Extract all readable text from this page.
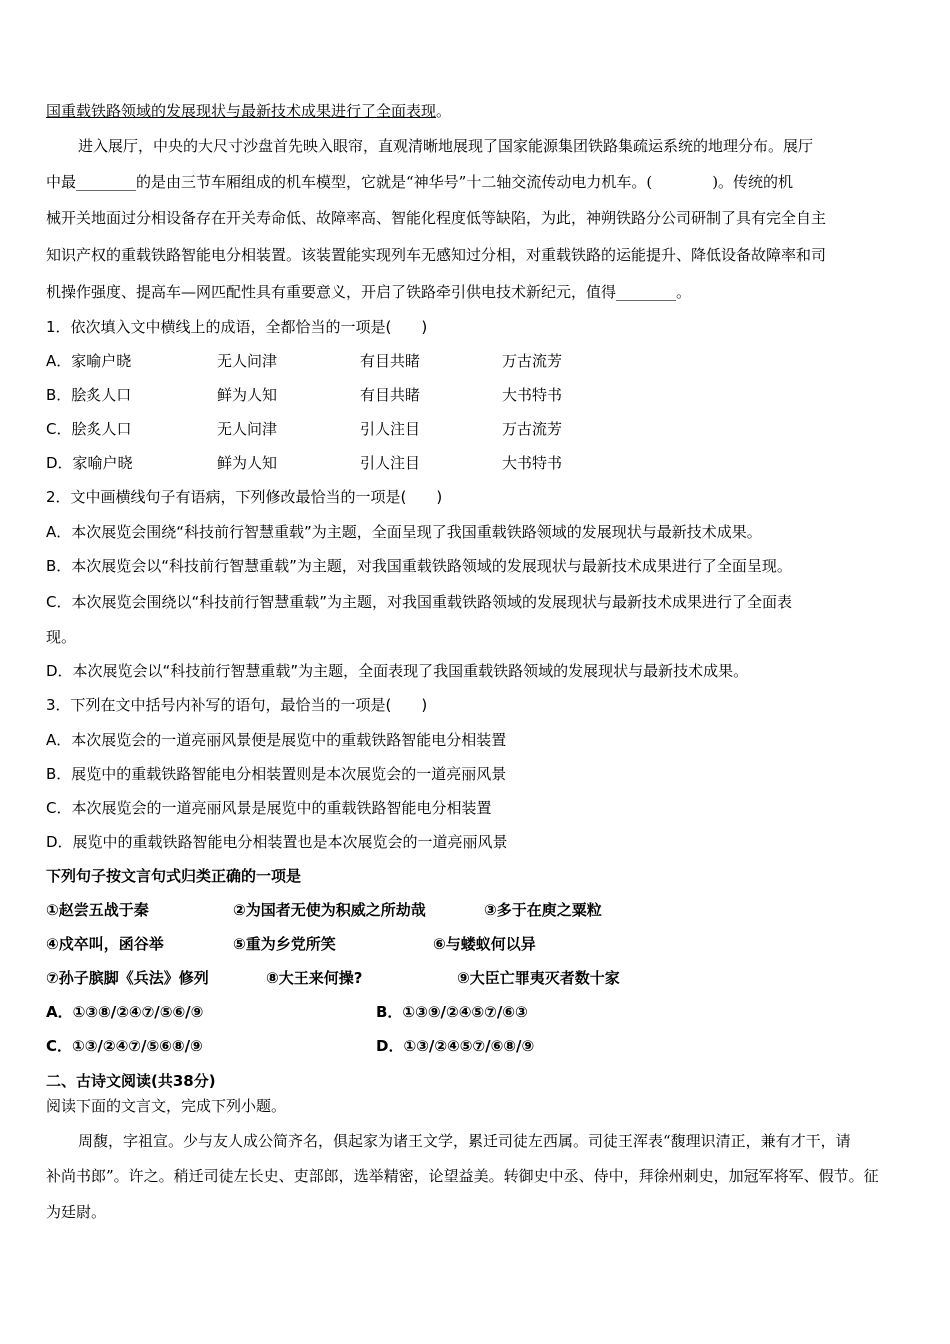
国重载铁路领域的发展现状与最新技术成果进行了全面表现。
进入展厅，中央的大尺寸沙盘首先映入眼帘，直观清晰地展现了国家能源集团铁路集疏运系统的地理分布。展厅
中最________的是由三节车厢组成的机车模型，它就是“神华号”十二轴交流传动电力机车。(　　　　)。传统的机
械开关地面过分相设备存在开关寿命低、故障率高、智能化程度低等缺陷，为此，神朔铁路分公司研制了具有完全自主
知识产权的重载铁路智能电分相装置。该装置能实现列车无感知过分相，对重载铁路的运能提升、降低设备故障率和司
机操作强度、提高车—网匹配性具有重要意义，开启了铁路牵引供电技术新纪元，值得________。
1．依次填入文中横线上的成语，全都恰当的一项是(　　)
A．家喻户晓	无人问津	有目共睹	万古流芳
B．脍炙人口	鲜为人知	有目共睹	大书特书
C．脍炙人口	无人问津	引人注目	万古流芳
D．家喻户晓	鲜为人知	引人注目	大书特书
2．文中画横线句子有语病，下列修改最恰当的一项是(　　)
A．本次展览会围绕“科技前行智慧重载”为主题，全面呈现了我国重载铁路领域的发展现状与最新技术成果。
B．本次展览会以“科技前行智慧重载”为主题，对我国重载铁路领域的发展现状与最新技术成果进行了全面呈现。
C．本次展览会围绕以“科技前行智慧重载”为主题，对我国重载铁路领域的发展现状与最新技术成果进行了全面表
现。
D．本次展览会以“科技前行智慧重载”为主题，全面表现了我国重载铁路领域的发展现状与最新技术成果。
3．下列在文中括号内补写的语句，最恰当的一项是(　　)
A．本次展览会的一道亮丽风景便是展览中的重载铁路智能电分相装置
B．展览中的重载铁路智能电分相装置则是本次展览会的一道亮丽风景
C．本次展览会的一道亮丽风景是展览中的重载铁路智能电分相装置
D．展览中的重载铁路智能电分相装置也是本次展览会的一道亮丽风景
下列句子按文言句式归类正确的一项是
①赵尝五战于秦	②为国者无使为积威之所劫哉	③多于在庾之粟粒
④戍卒叫，函谷举	⑤重为乡党所笑	⑥与蝼蚁何以异
⑦孙子膑脚《兵法》修列	⑧大王来何操?	⑨大臣亡罪夷灭者数十家
A．①③⑧/②④⑦/⑤⑥/⑨	B．①③⑨/②④⑤⑦/⑥③
C．①③/②④⑦/⑤⑥⑧/⑨	D．①③/②④⑤⑦/⑥⑧/⑨
二、古诗文阅读(共38分)
阅读下面的文言文，完成下列小题。
周馥，字祖宣。少与友人成公简齐名，俱起家为诸王文学，累迁司徒左西属。司徒王浑表“馥理识清正，兼有才干，请
补尚书郎”。许之。稍迁司徒左长史、吏部郎，选举精密，论望益美。转御史中丞、侍中，拜徐州刺史，加冠军将军、假节。征
为廷尉。
